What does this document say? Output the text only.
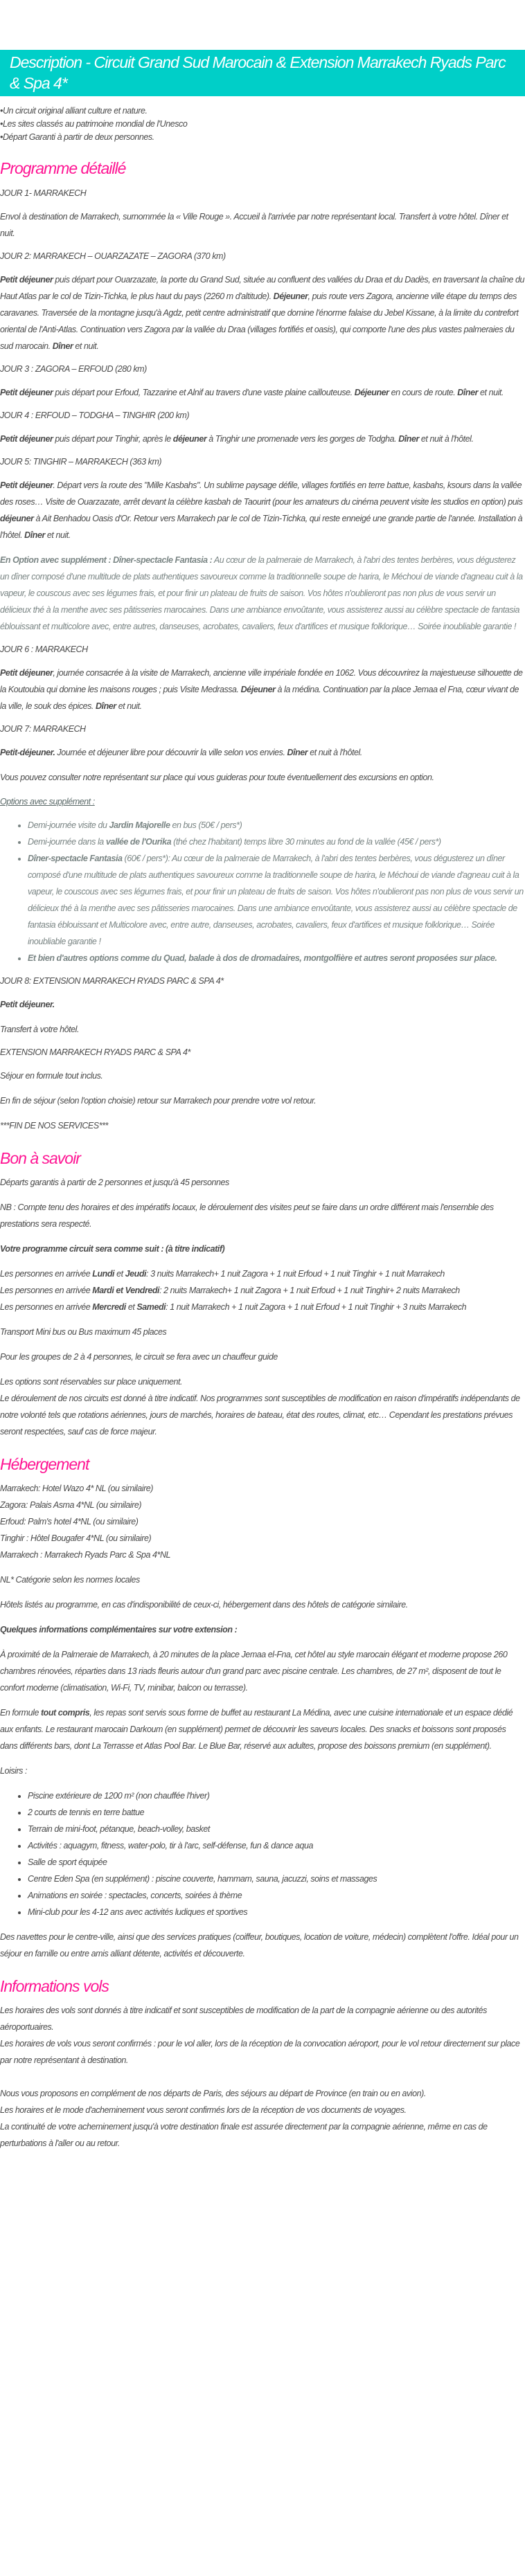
Description - Circuit Grand Sud Marocain & Extension Marrakech Ryads Parc & Spa 4*
• Un circuit original alliant culture et nature.
• Les sites classés au patrimoine mondial de l'Unesco
• Départ Garanti à partir de deux personnes.
Programme détaillé
JOUR 1- MARRAKECH

Envol à destination de Marrakech, surnommée la « Ville Rouge ». Accueil à l'arrivée par notre représentant local. Transfert à votre hôtel. Dîner et nuit.

JOUR 2: MARRAKECH – OUARZAZATE – ZAGORA (370 km)

Petit déjeuner puis départ pour Ouarzazate, la porte du Grand Sud, située au confluent des vallées du Draa et du Dadès, en traversant la chaîne du Haut Atlas par le col de Tizin-Tichka, le plus haut du pays (2260 m d'altitude). Déjeuner, puis route vers Zagora, ancienne ville étape du temps des caravanes. Traversée de la montagne jusqu'à Agdz, petit centre administratif que domine l'énorme falaise du Jebel Kissane, à la limite du contrefort oriental de l'Anti-Atlas. Continuation vers Zagora par la vallée du Draa (villages fortifiés et oasis), qui comporte l'une des plus vastes palmeraies du sud marocain. Dîner et nuit.

JOUR 3 : ZAGORA – ERFOUD (280 km)

Petit déjeuner puis départ pour Erfoud, Tazzarine et Alnif au travers d'une vaste plaine caillouteuse. Déjeuner en cours de route. Dîner et nuit.

JOUR 4 : ERFOUD – TODGHA – TINGHIR (200 km)

Petit déjeuner puis départ pour Tinghir, après le déjeuner à Tinghir une promenade vers les gorges de Todgha. Dîner et nuit à l'hôtel.

JOUR 5: TINGHIR – MARRAKECH (363 km)

Petit déjeuner. Départ vers la route des "Mille Kasbahs". Un sublime paysage défile, villages fortifiés en terre battue, kasbahs, ksours dans la vallée des roses… Visite de Ouarzazate, arrêt devant la célèbre kasbah de Taourirt (pour les amateurs du cinéma peuvent visite les studios en option) puis déjeuner à Ait Benhadou Oasis d'Or. Retour vers Marrakech par le col de Tizin-Tichka, qui reste enneigé une grande partie de l'année. Installation à l'hôtel. Dîner et nuit.

En Option avec supplément : Dîner-spectacle Fantasia : Au cœur de la palmeraie de Marrakech, à l'abri des tentes berbères, vous dégusterez un dîner composé d'une multitude de plats authentiques savoureux comme la traditionnelle soupe de harira, le Méchoui de viande d'agneau cuit à la vapeur, le couscous avec ses légumes frais, et pour finir un plateau de fruits de saison. Vos hôtes n'oublieront pas non plus de vous servir un délicieux thé à la menthe avec ses pâtisseries marocaines. Dans une ambiance envoûtante, vous assisterez aussi au célèbre spectacle de fantasia éblouissant et multicolore avec, entre autres, danseuses, acrobates, cavaliers, feux d'artifices et musique folklorique… Soirée inoubliable garantie !

JOUR 6 : MARRAKECH

Petit déjeuner, journée consacrée à la visite de Marrakech, ancienne ville impériale fondée en 1062. Vous découvrirez la majestueuse silhouette de la Koutoubia qui domine les maisons rouges ; puis Visite Medrassa. Déjeuner à la médina. Continuation par la place Jemaa el Fna, cœur vivant de la ville, le souk des épices. Dîner et nuit.

JOUR 7: MARRAKECH

Petit-déjeuner. Journée et déjeuner libre pour découvrir la ville selon vos envies. Dîner et nuit à l'hôtel.

Vous pouvez consulter notre représentant sur place qui vous guideras pour toute éventuellement des excursions en option.

Options avec supplément :
• Demi-journée visite du Jardin Majorelle en bus (50€ / pers*)
• Demi-journée dans la vallée de l'Ourika (thé chez l'habitant) temps libre 30 minutes au fond de la vallée (45€ / pers*)
• Dîner-spectacle Fantasia (60€ / pers*): Au cœur de la palmeraie de Marrakech, à l'abri des tentes berbères, vous dégusterez un dîner composé d'une multitude de plats authentiques savoureux comme la traditionnelle soupe de harira, le Méchoui de viande d'agneau cuit à la vapeur, le couscous avec ses légumes frais, et pour finir un plateau de fruits de saison. Vos hôtes n'oublieront pas non plus de vous servir un délicieux thé à la menthe avec ses pâtisseries marocaines. Dans une ambiance envoûtante, vous assisterez aussi au célèbre spectacle de fantasia éblouissant et Multicolore avec, entre autre, danseuses, acrobates, cavaliers, feux d'artifices et musique folklorique… Soirée inoubliable garantie !
• Et bien d'autres options comme du Quad, balade à dos de dromadaires, montgolfière et autres seront proposées sur place.
JOUR 8: EXTENSION MARRAKECH RYADS PARC & SPA 4*

Petit déjeuner.

Transfert à votre hôtel.

EXTENSION MARRAKECH RYADS PARC & SPA 4*

Séjour en formule tout inclus.

En fin de séjour (selon l'option choisie) retour sur Marrakech pour prendre votre vol retour.

***FIN DE NOS SERVICES***

Bon à savoir

Départs garantis à partir de 2 personnes et jusqu'à 45 personnes

NB : Compte tenu des horaires et des impératifs locaux, le déroulement des visites peut se faire dans un ordre différent mais l'ensemble des prestations sera respecté.

Votre programme circuit sera comme suit : (à titre indicatif)

Les personnes en arrivée Lundi et Jeudi: 3 nuits Marrakech+ 1 nuit Zagora + 1 nuit Erfoud + 1 nuit Tinghir + 1 nuit Marrakech

Les personnes en arrivée Mardi et Vendredi: 2 nuits Marrakech+ 1 nuit Zagora + 1 nuit Erfoud + 1 nuit Tinghir+ 2 nuits Marrakech

Les personnes en arrivée Mercredi et Samedi: 1 nuit Marrakech + 1 nuit Zagora + 1 nuit Erfoud + 1 nuit Tinghir + 3 nuits Marrakech

Transport Mini bus ou Bus maximum 45 places

Pour les groupes de 2 à 4 personnes, le circuit se fera avec un chauffeur guide

Les options sont réservables sur place uniquement.

Le déroulement de nos circuits est donné à titre indicatif. Nos programmes sont susceptibles de modification en raison d'impératifs indépendants de notre volonté tels que rotations aériennes, jours de marchés, horaires de bateau, état des routes, climat, etc… Cependant les prestations prévues seront respectées, sauf cas de force majeur.

Hébergement

Marrakech: Hotel Wazo 4* NL (ou similaire)

Zagora: Palais Asma 4*NL (ou similaire)

Erfoud: Palm's hotel 4*NL (ou similaire)

Tinghir : Hôtel Bougafer 4*NL (ou similaire)

Marrakech : Marrakech Ryads Parc & Spa 4*NL

NL* Catégorie selon les normes locales

Hôtels listés au programme, en cas d'indisponibilité de ceux-ci, hébergement dans des hôtels de catégorie similaire.

Quelques informations complémentaires sur votre extension :

À proximité de la Palmeraie de Marrakech, à 20 minutes de la place Jemaa el-Fna, cet hôtel au style marocain élégant et moderne propose 260 chambres rénovées, réparties dans 13 riads fleuris autour d'un grand parc avec piscine centrale. Les chambres, de 27 m², disposent de tout le confort moderne (climatisation, Wi-Fi, TV, minibar, balcon ou terrasse).

En formule tout compris, les repas sont servis sous forme de buffet au restaurant La Médina, avec une cuisine internationale et un espace dédié aux enfants. Le restaurant marocain Darkoum (en supplément) permet de découvrir les saveurs locales. Des snacks et boissons sont proposés dans différents bars, dont La Terrasse et Atlas Pool Bar. Le Blue Bar, réservé aux adultes, propose des boissons premium (en supplément).

Loisirs :

• Piscine extérieure de 1200 m² (non chauffée l'hiver)
• 2 courts de tennis en terre battue
• Terrain de mini-foot, pétanque, beach-volley, basket
• Activités : aquagym, fitness, water-polo, tir à l'arc, self-défense, fun & dance aqua
• Salle de sport équipée
• Centre Eden Spa (en supplément) : piscine couverte, hammam, sauna, jacuzzi, soins et massages
• Animations en soirée : spectacles, concerts, soirées à thème
• Mini-club pour les 4-12 ans avec activités ludiques et sportives

Des navettes pour le centre-ville, ainsi que des services pratiques (coiffeur, boutiques, location de voiture, médecin) complètent l'offre. Idéal pour un séjour en famille ou entre amis alliant détente, activités et découverte.

Informations vols

Les horaires des vols sont donnés à titre indicatif et sont susceptibles de modification de la part de la compagnie aérienne ou des autorités aéroportuaires.

Les horaires de vols vous seront confirmés : pour le vol aller, lors de la réception de la convocation aéroport, pour le vol retour directement sur place par notre représentant à destination.

Nous vous proposons en complément de nos départs de Paris, des séjours au départ de Province (en train ou en avion).

Les horaires et le mode d'acheminement vous seront confirmés lors de la réception de vos documents de voyages.

La continuité de votre acheminement jusqu'à votre destination finale est assurée directement par la compagnie aérienne, même en cas de perturbations à l'aller ou au retour.
